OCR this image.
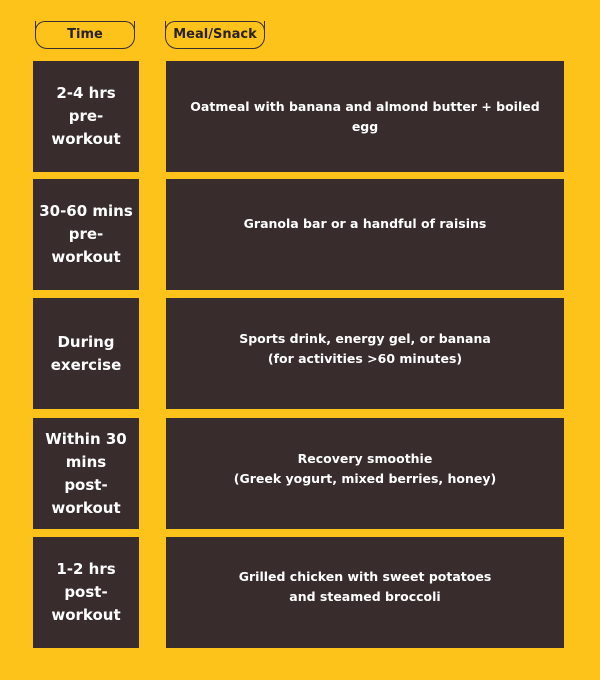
Time	Meal/Snack
2-4 hrs pre-workout
Oatmeal with banana and almond butter + boiled egg
30-60 mins pre-workout
Granola bar or a handful of raisins
During exercise
Sports drink, energy gel, or banana
(for activities >60 minutes)
Within 30 mins post-workout
Recovery smoothie
(Greek yogurt, mixed berries, honey)
1-2 hrs post-workout
Grilled chicken with sweet potatoes and steamed broccoli
